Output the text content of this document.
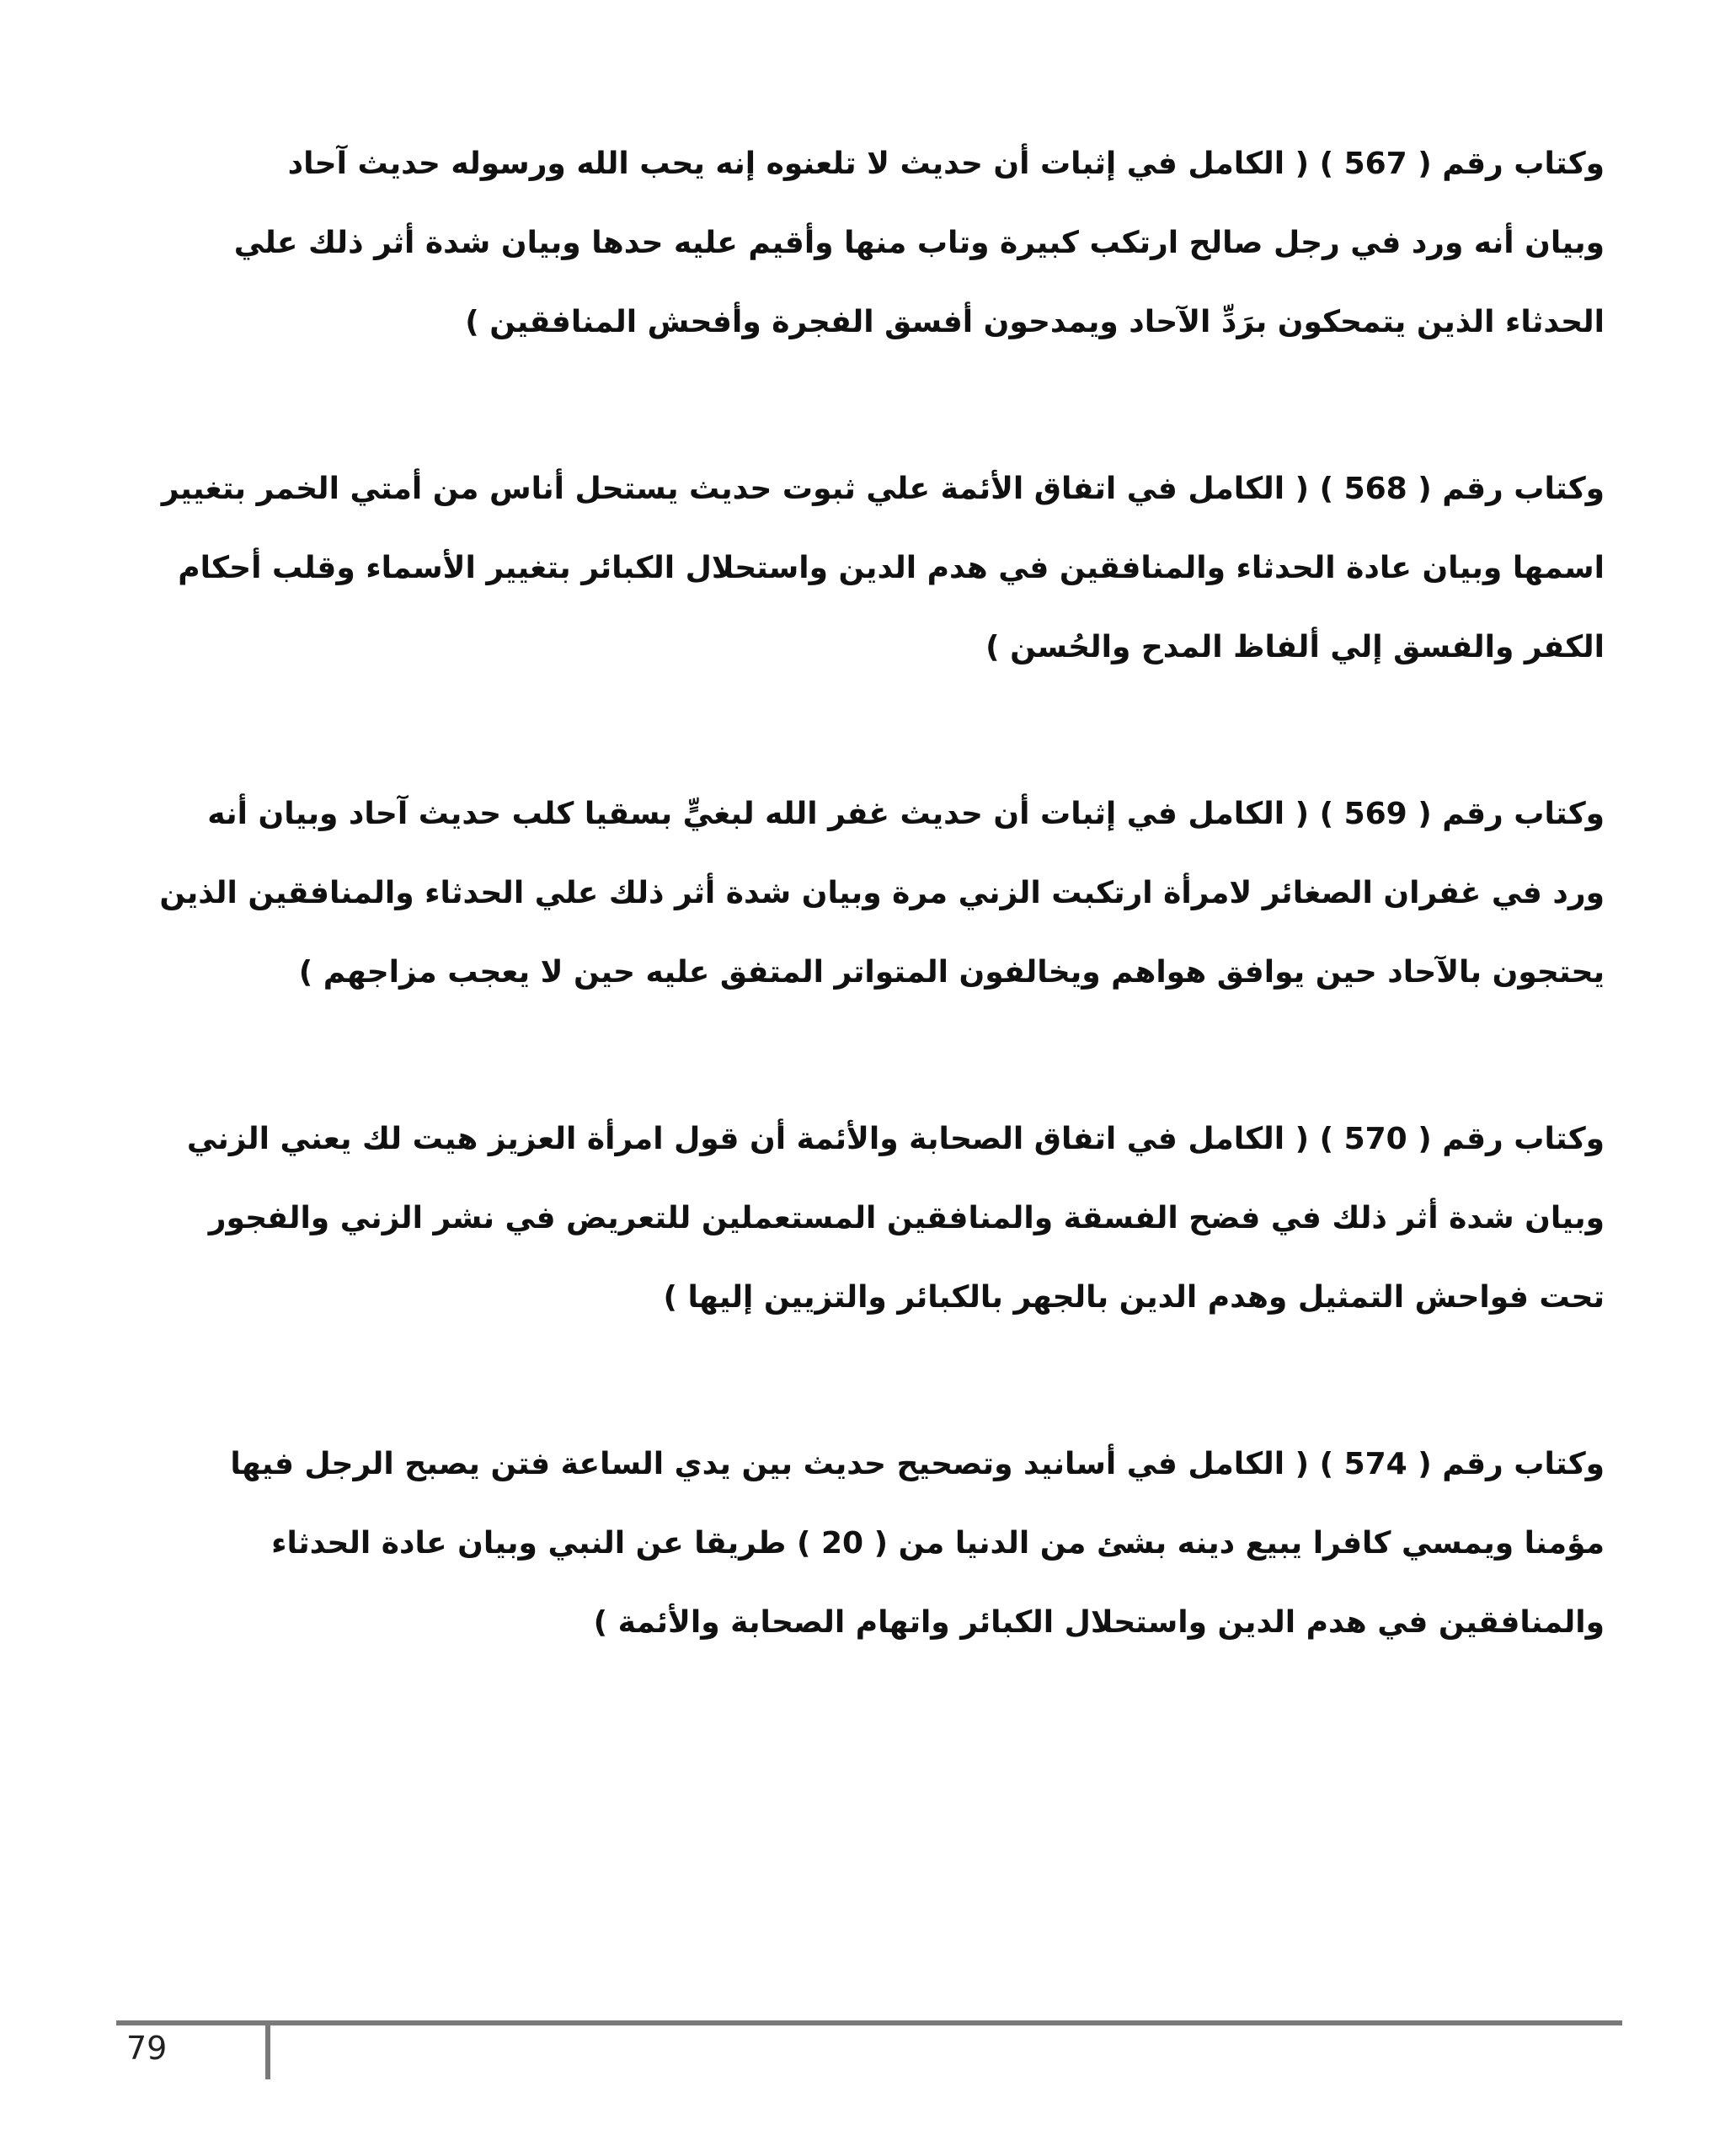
وكتاب رقم ( 567 ) ( الكامل في إثبات أن حديث لا تلعنوه إنه يحب الله ورسوله حديث آحاد
وبيان أنه ورد في رجل صالح ارتكب كبيرة وتاب منها وأقيم عليه حدها وبيان شدة أثر ذلك علي
الحدثاء الذين يتمحكون برَدِّ الآحاد ويمدحون أفسق الفجرة وأفحش المنافقين )
وكتاب رقم ( 568 ) ( الكامل في اتفاق الأئمة علي ثبوت حديث يستحل أناس من أمتي الخمر بتغيير
اسمها وبيان عادة الحدثاء والمنافقين في هدم الدين واستحلال الكبائر بتغيير الأسماء وقلب أحكام
الكفر والفسق إلي ألفاظ المدح والحُسن )
وكتاب رقم ( 569 ) ( الكامل في إثبات أن حديث غفر الله لبغيٍّ بسقيا كلب حديث آحاد وبيان أنه
ورد في غفران الصغائر لامرأة ارتكبت الزني مرة وبيان شدة أثر ذلك علي الحدثاء والمنافقين الذين
يحتجون بالآحاد حين يوافق هواهم ويخالفون المتواتر المتفق عليه حين لا يعجب مزاجهم )
وكتاب رقم ( 570 ) ( الكامل في اتفاق الصحابة والأئمة أن قول امرأة العزيز هيت لك يعني الزني
وبيان شدة أثر ذلك في فضح الفسقة والمنافقين المستعملين للتعريض في نشر الزني والفجور
تحت فواحش التمثيل وهدم الدين بالجهر بالكبائر والتزيين إليها )
وكتاب رقم ( 574 ) ( الكامل في أسانيد وتصحيح حديث بين يدي الساعة فتن يصبح الرجل فيها
مؤمنا ويمسي كافرا يبيع دينه بشئ من الدنيا من ( 20 ) طريقا عن النبي وبيان عادة الحدثاء
والمنافقين في هدم الدين واستحلال الكبائر واتهام الصحابة والأئمة )
79
